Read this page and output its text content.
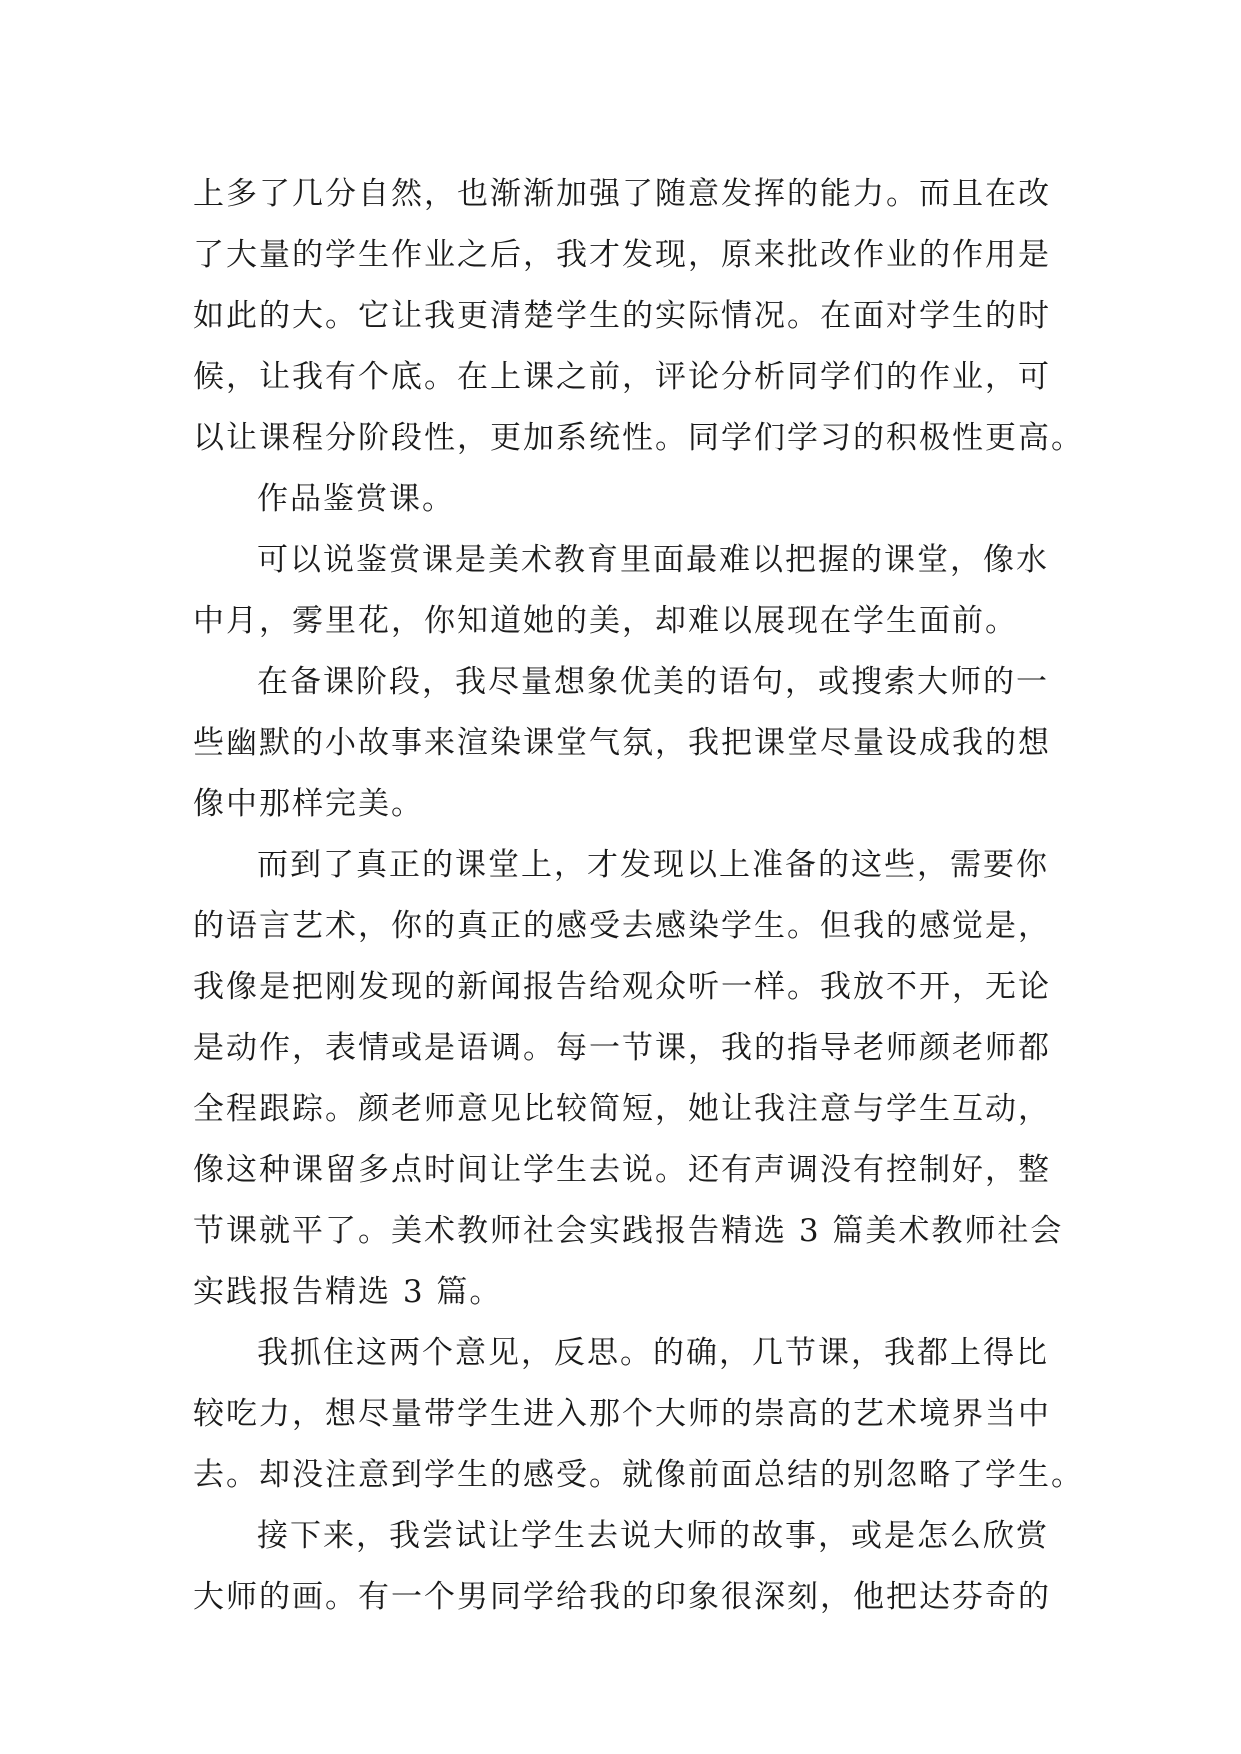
上多了几分自然，也渐渐加强了随意发挥的能力。而且在改
了大量的学生作业之后，我才发现，原来批改作业的作用是
如此的大。它让我更清楚学生的实际情况。在面对学生的时
候，让我有个底。在上课之前，评论分析同学们的作业，可
以让课程分阶段性，更加系统性。同学们学习的积极性更高。
作品鉴赏课。
可以说鉴赏课是美术教育里面最难以把握的课堂，像水
中月，雾里花，你知道她的美，却难以展现在学生面前。
在备课阶段，我尽量想象优美的语句，或搜索大师的一
些幽默的小故事来渲染课堂气氛，我把课堂尽量设成我的想
像中那样完美。
而到了真正的课堂上，才发现以上准备的这些，需要你
的语言艺术，你的真正的感受去感染学生。但我的感觉是，
我像是把刚发现的新闻报告给观众听一样。我放不开，无论
是动作，表情或是语调。每一节课，我的指导老师颜老师都
全程跟踪。颜老师意见比较简短，她让我注意与学生互动，
像这种课留多点时间让学生去说。还有声调没有控制好，整
节课就平了。美术教师社会实践报告精选 3 篇美术教师社会
实践报告精选 3 篇。
我抓住这两个意见，反思。的确，几节课，我都上得比
较吃力，想尽量带学生进入那个大师的崇高的艺术境界当中
去。却没注意到学生的感受。就像前面总结的别忽略了学生。
接下来，我尝试让学生去说大师的故事，或是怎么欣赏
大师的画。有一个男同学给我的印象很深刻，他把达芬奇的
